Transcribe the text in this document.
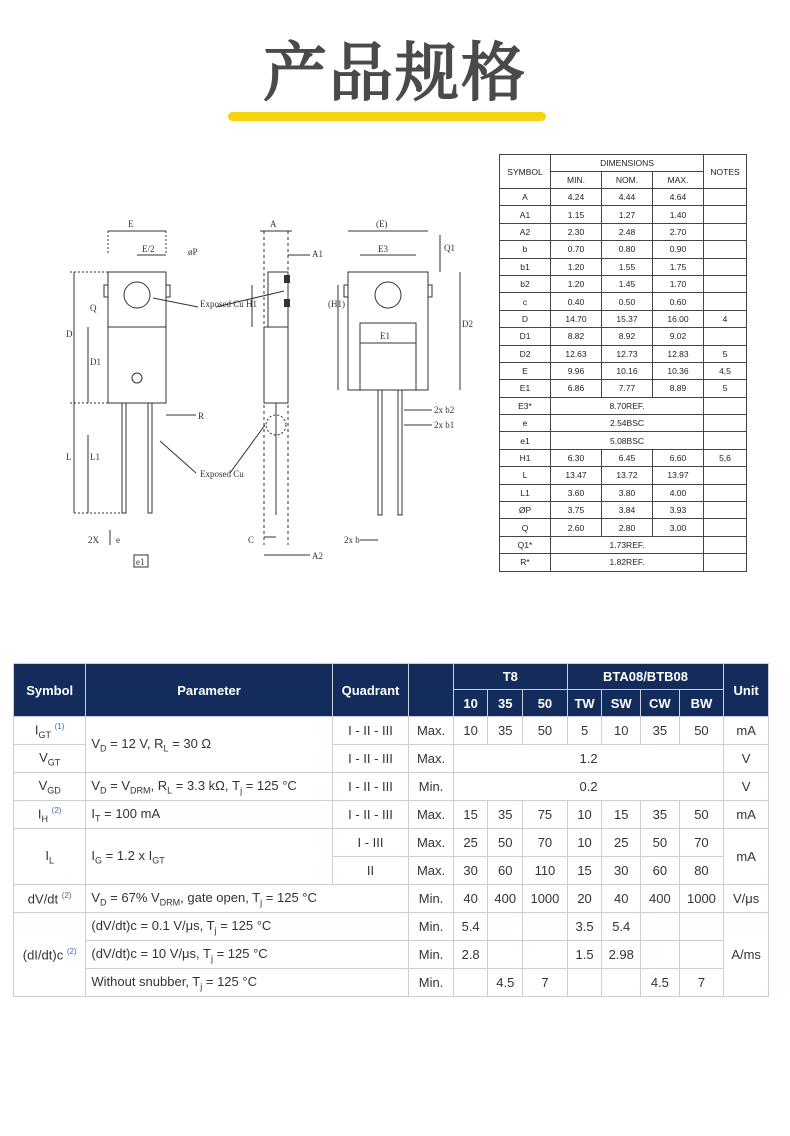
产品规格
E
E/2	øP
A
A1
Exposed Cu
Q
D
D1
H1
L L1
R
Exposed Cu
2X e
e1
C
A2
2x b
(E)
E3	Q1
(H1)
D2
E1
2x b2
2x b1
SYMBOL	DIMENSIONS			NOTES
	MIN.	NOM.	MAX.	
A	4.24	4.44	4.64	
A1	1.15	1.27	1.40	
A2	2.30	2.48	2.70	
b	0.70	0.80	0.90	
b1	1.20	1.55	1.75	
b2	1.20	1.45	1.70	
c	0.40	0.50	0.60	
D	14.70	15.37	16.00	4
D1	8.82	8.92	9.02	
D2	12.63	12.73	12.83	5
E	9.96	10.16	10.36	4,5
E1	6.86	7.77	8.89	5
E3*	8.70REF.			
e	2.54BSC			
e1	5.08BSC			
H1	6.30	6.45	6.60	5,6
L	13.47	13.72	13.97	
L1	3.60	3.80	4.00	
ØP	3.75	3.84	3.93	
Q	2.60	2.80	3.00	
Q1*	1.73REF.			
R*	1.82REF.			
Symbol	Parameter	Quadrant		T8			BTA08/BTB08				Unit
				10	35	50	TW	SW	CW	BW	
$I_{GT}$ $^{(1)}$	$V_D = 12$ V, $R_L = 30$ Ω	I - II - III	Max.	10	35	50	5	10	35	50	mA
$V_{GT}$		I - II - III	Max.	1.2							V
$V_{GD}$	$V_D = V_{DRM}$, $R_L = 3.3$ kΩ, $T_j = 125$ °C	I - II - III	Min.	0.2							V
$I_H$ $^{(2)}$	$I_T = 100$ mA	I - II - III	Max.	15	35	75	10	15	35	50	mA
$I_L$	$I_G = 1.2$ x $I_{GT}$	I - III	Max.	25	50	70	10	25	50	70	mA
		II	Max.	30	60	110	15	30	60	80	
dV/dt $^{(2)}$	$V_D = 67\%$ $V_{DRM}$, gate open, $T_j = 125$ °C		Min.	40	400	1000	20	40	400	1000	V/μs
(dI/dt)c $^{(2)}$	(dV/dt)c = 0.1 V/μs, $T_j = 125$ °C		Min.	5.4			3.5	5.4			A/ms
	(dV/dt)c = 10 V/μs, $T_j = 125$ °C		Min.	2.8			1.5	2.98			
	Without snubber, $T_j = 125$ °C		Min.		4.5	7			4.5	7	
